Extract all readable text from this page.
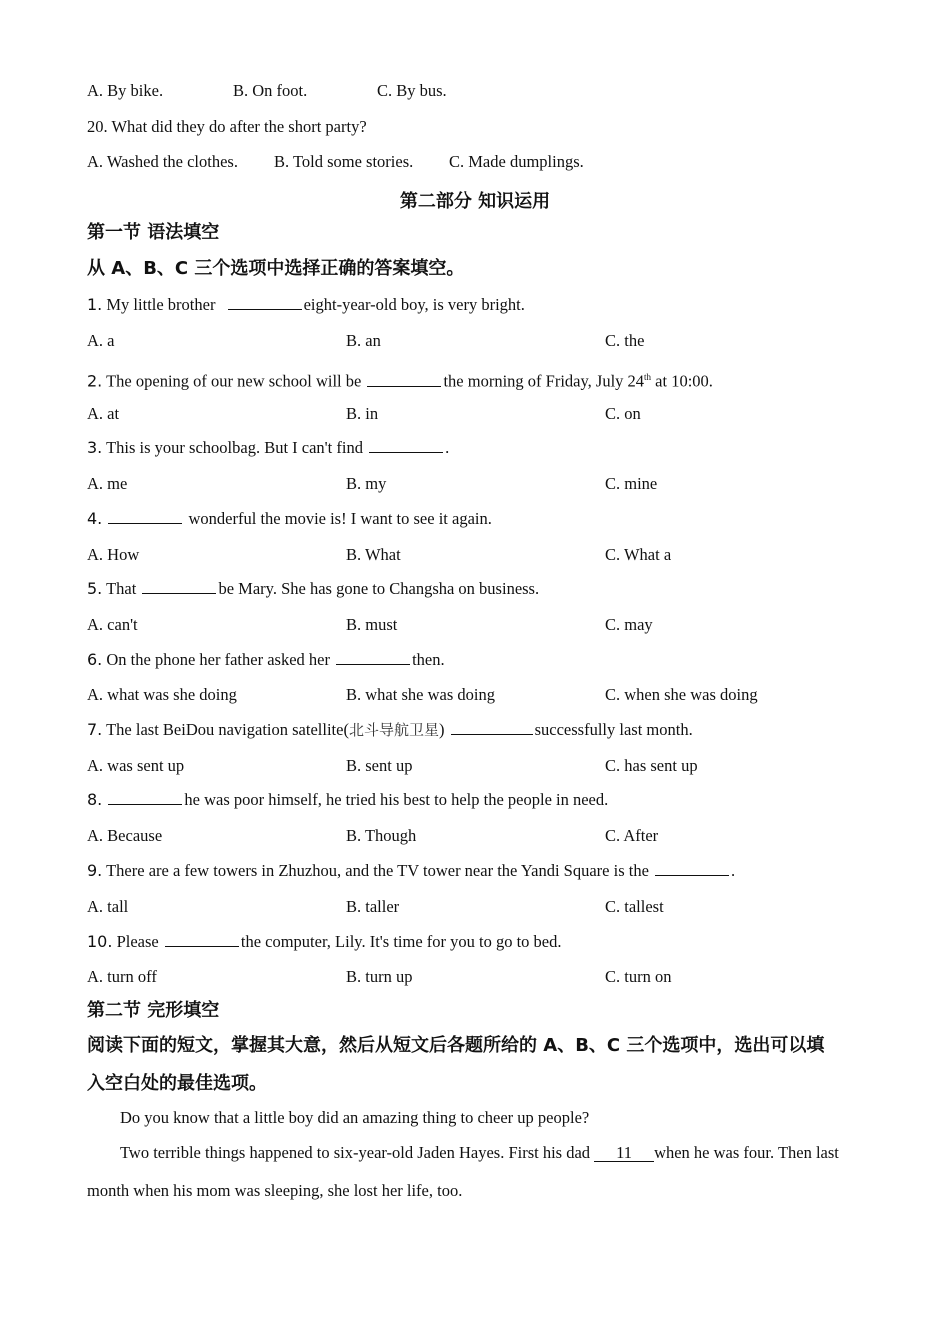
A. By bike.	B. On foot.	C. By bus.
20. What did they do after the short party?
A. Washed the clothes. B. Told some stories. C. Made dumplings.
第二部分 知识运用
第一节 语法填空
从 A、B、C 三个选项中选择正确的答案填空。
1. My little brother	eight-year-old boy, is very bright.
A. a	B. an	C. the
2. The opening of our new school will be	the morning of Friday, July 24th at 10:00.
A. at	B. in	C. on
3. This is your schoolbag. But I can't find	.
A. me	B. my	C. mine
4.	wonderful the movie is! I want to see it again.
A. How	B. What	C. What a
5. That	be Mary. She has gone to Changsha on business.
A. can't	B. must	C. may
6. On the phone her father asked her	then.
A. what was she doing	B. what she was doing	C. when she was doing
7. The last BeiDou navigation satellite(北斗导航卫星)	successfully last month.
A. was sent up	B. sent up	C. has sent up
8.	he was poor himself, he tried his best to help the people in need.
A. Because	B. Though	C. After
9. There are a few towers in Zhuzhou, and the TV tower near the Yandi Square is the	.
A. tall	B. taller	C. tallest
10. Please	the computer, Lily. It's time for you to go to bed.
A. turn off	B. turn up	C. turn on
第二节 完形填空
阅读下面的短文，掌握其大意，然后从短文后各题所给的 A、B、C 三个选项中，选出可以填
入空白处的最佳选项。
Do you know that a little boy did an amazing thing to cheer up people?
Two terrible things happened to six-year-old Jaden Hayes. First his dad 11 when he was four. Then last
month when his mom was sleeping, she lost her life, too.
